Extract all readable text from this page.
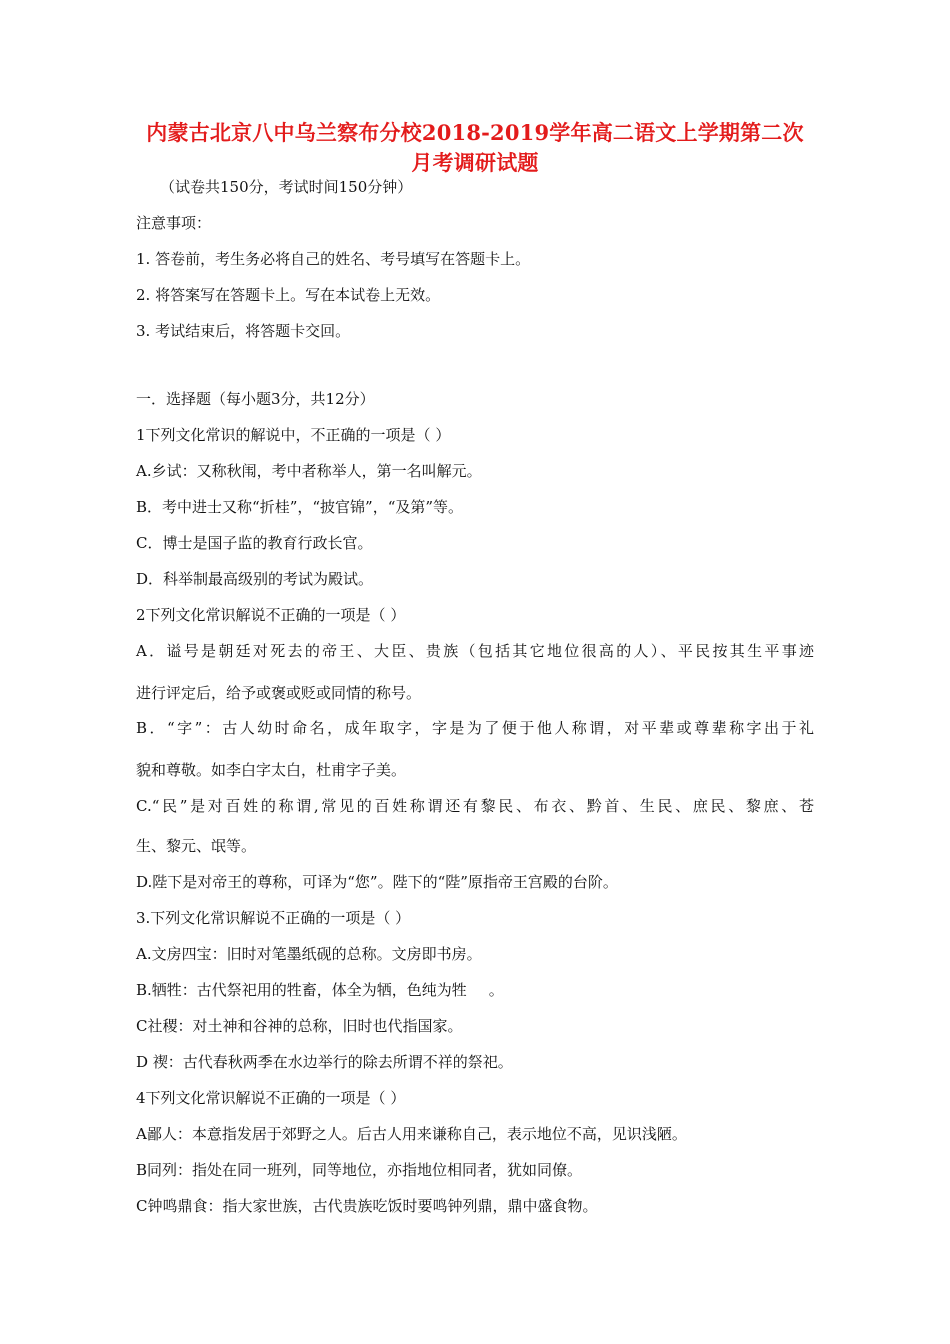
内蒙古北京八中乌兰察布分校2018-2019学年高二语文上学期第二次
月考调研试题
（试卷共150分，考试时间150分钟）
注意事项：
1. 答卷前，考生务必将自己的姓名、考号填写在答题卡上。
2. 将答案写在答题卡上。写在本试卷上无效。
3. 考试结束后，将答题卡交回。
一．选择题（每小题3分，共12分）
1下列文化常识的解说中，不正确的一项是（ ）
A.乡试：又称秋闱，考中者称举人，第一名叫解元。
B．考中进士又称“折桂”，“披官锦”，“及第”等。
C．博士是国子监的教育行政长官。
D．科举制最高级别的考试为殿试。
2下列文化常识解说不正确的一项是（ ）
A．谥号是朝廷对死去的帝王、大臣、贵族（包括其它地位很高的人）、平民按其生平事迹
进行评定后，给予或褒或贬或同情的称号。
B．“字”：古人幼时命名，成年取字，字是为了便于他人称谓，对平辈或尊辈称字出于礼
貌和尊敬。如李白字太白，杜甫字子美。
C.“民”是对百姓的称谓,常见的百姓称谓还有黎民、布衣、黔首、生民、庶民、黎庶、苍
生、黎元、氓等。
D.陛下是对帝王的尊称，可译为“您”。陛下的“陛”原指帝王宫殿的台阶。
3.下列文化常识解说不正确的一项是（ ）
A.文房四宝：旧时对笔墨纸砚的总称。文房即书房。
B.牺牲：古代祭祀用的牲畜，体全为牺，色纯为牲 。
C社稷：对土神和谷神的总称，旧时也代指国家。
D 禊：古代春秋两季在水边举行的除去所谓不祥的祭祀。
4下列文化常识解说不正确的一项是（ ）
A鄙人：本意指发居于郊野之人。后古人用来谦称自己，表示地位不高，见识浅陋。
B同列：指处在同一班列，同等地位，亦指地位相同者，犹如同僚。
C钟鸣鼎食：指大家世族，古代贵族吃饭时要鸣钟列鼎，鼎中盛食物。
